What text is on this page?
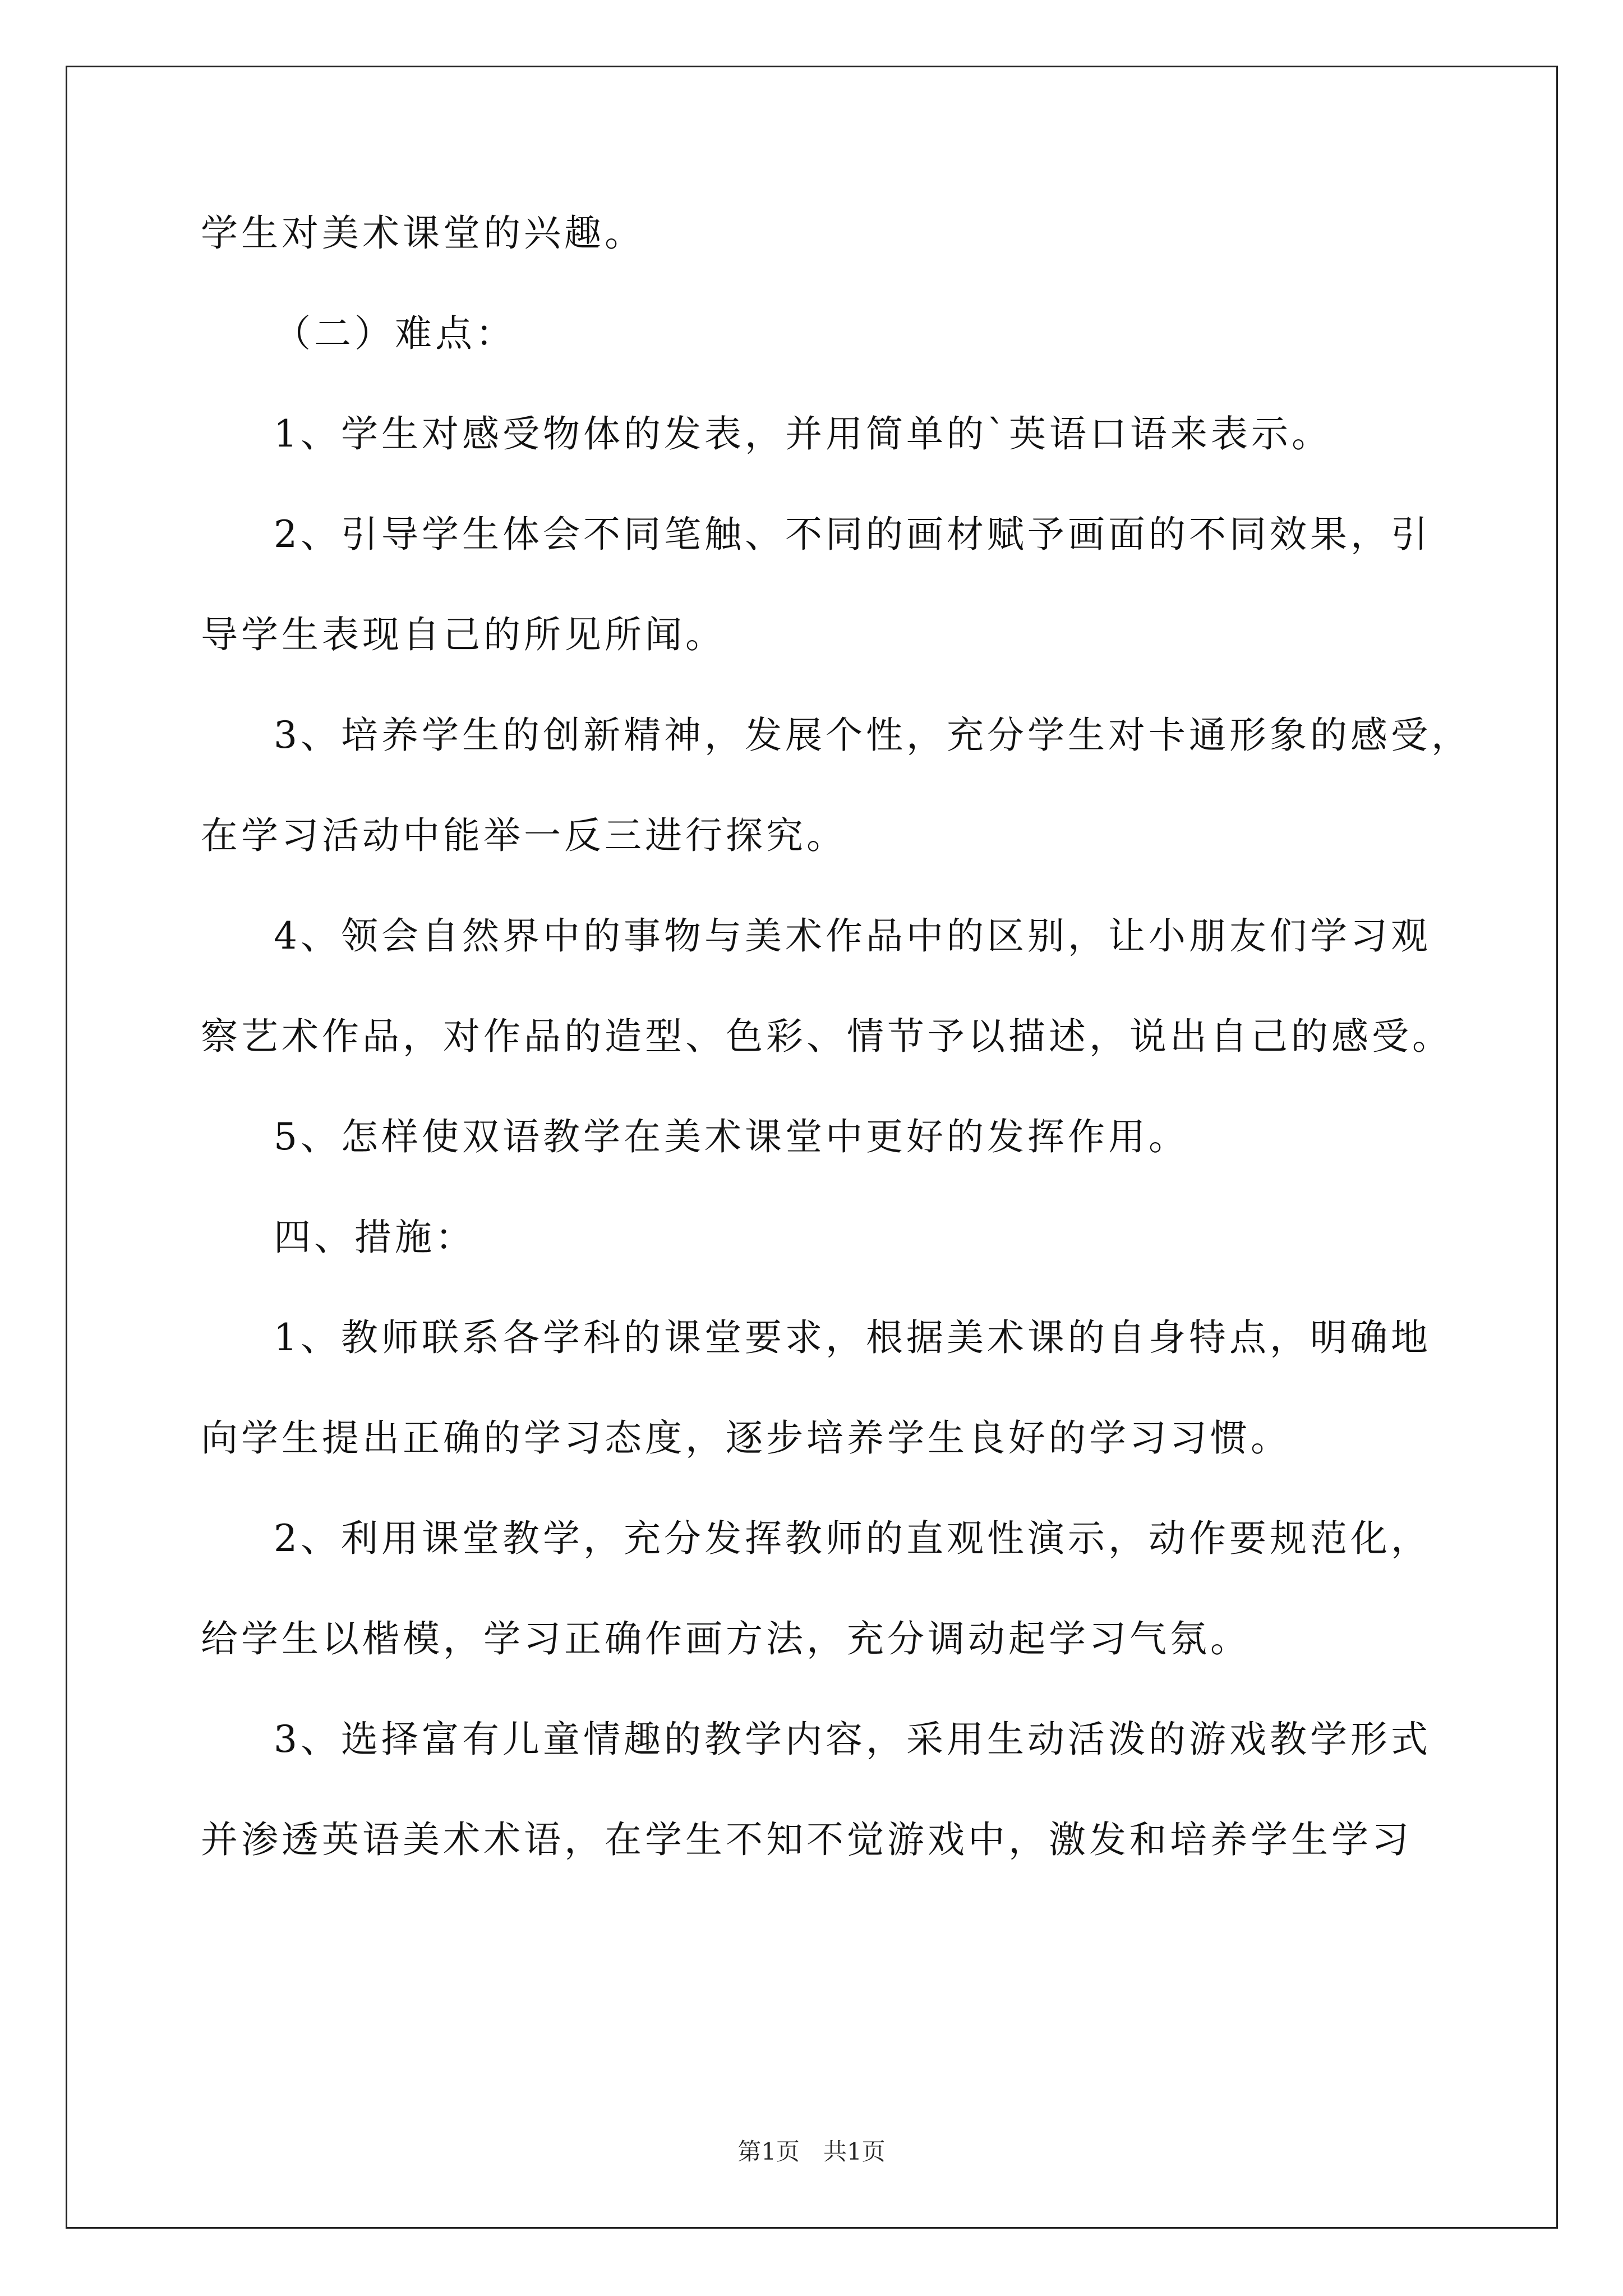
学生对美术课堂的兴趣。
（二）难点：
1、学生对感受物体的发表，并用简单的`英语口语来表示。
2、引导学生体会不同笔触、不同的画材赋予画面的不同效果，引
导学生表现自己的所见所闻。
3、培养学生的创新精神，发展个性，充分学生对卡通形象的感受，
在学习活动中能举一反三进行探究。
4、领会自然界中的事物与美术作品中的区别，让小朋友们学习观
察艺术作品，对作品的造型、色彩、情节予以描述，说出自己的感受。
5、怎样使双语教学在美术课堂中更好的发挥作用。
四、措施：
1、教师联系各学科的课堂要求，根据美术课的自身特点，明确地
向学生提出正确的学习态度，逐步培养学生良好的学习习惯。
2、利用课堂教学，充分发挥教师的直观性演示，动作要规范化，
给学生以楷模，学习正确作画方法，充分调动起学习气氛。
3、选择富有儿童情趣的教学内容，采用生动活泼的游戏教学形式
并渗透英语美术术语，在学生不知不觉游戏中，激发和培养学生学习
第1页　共1页
